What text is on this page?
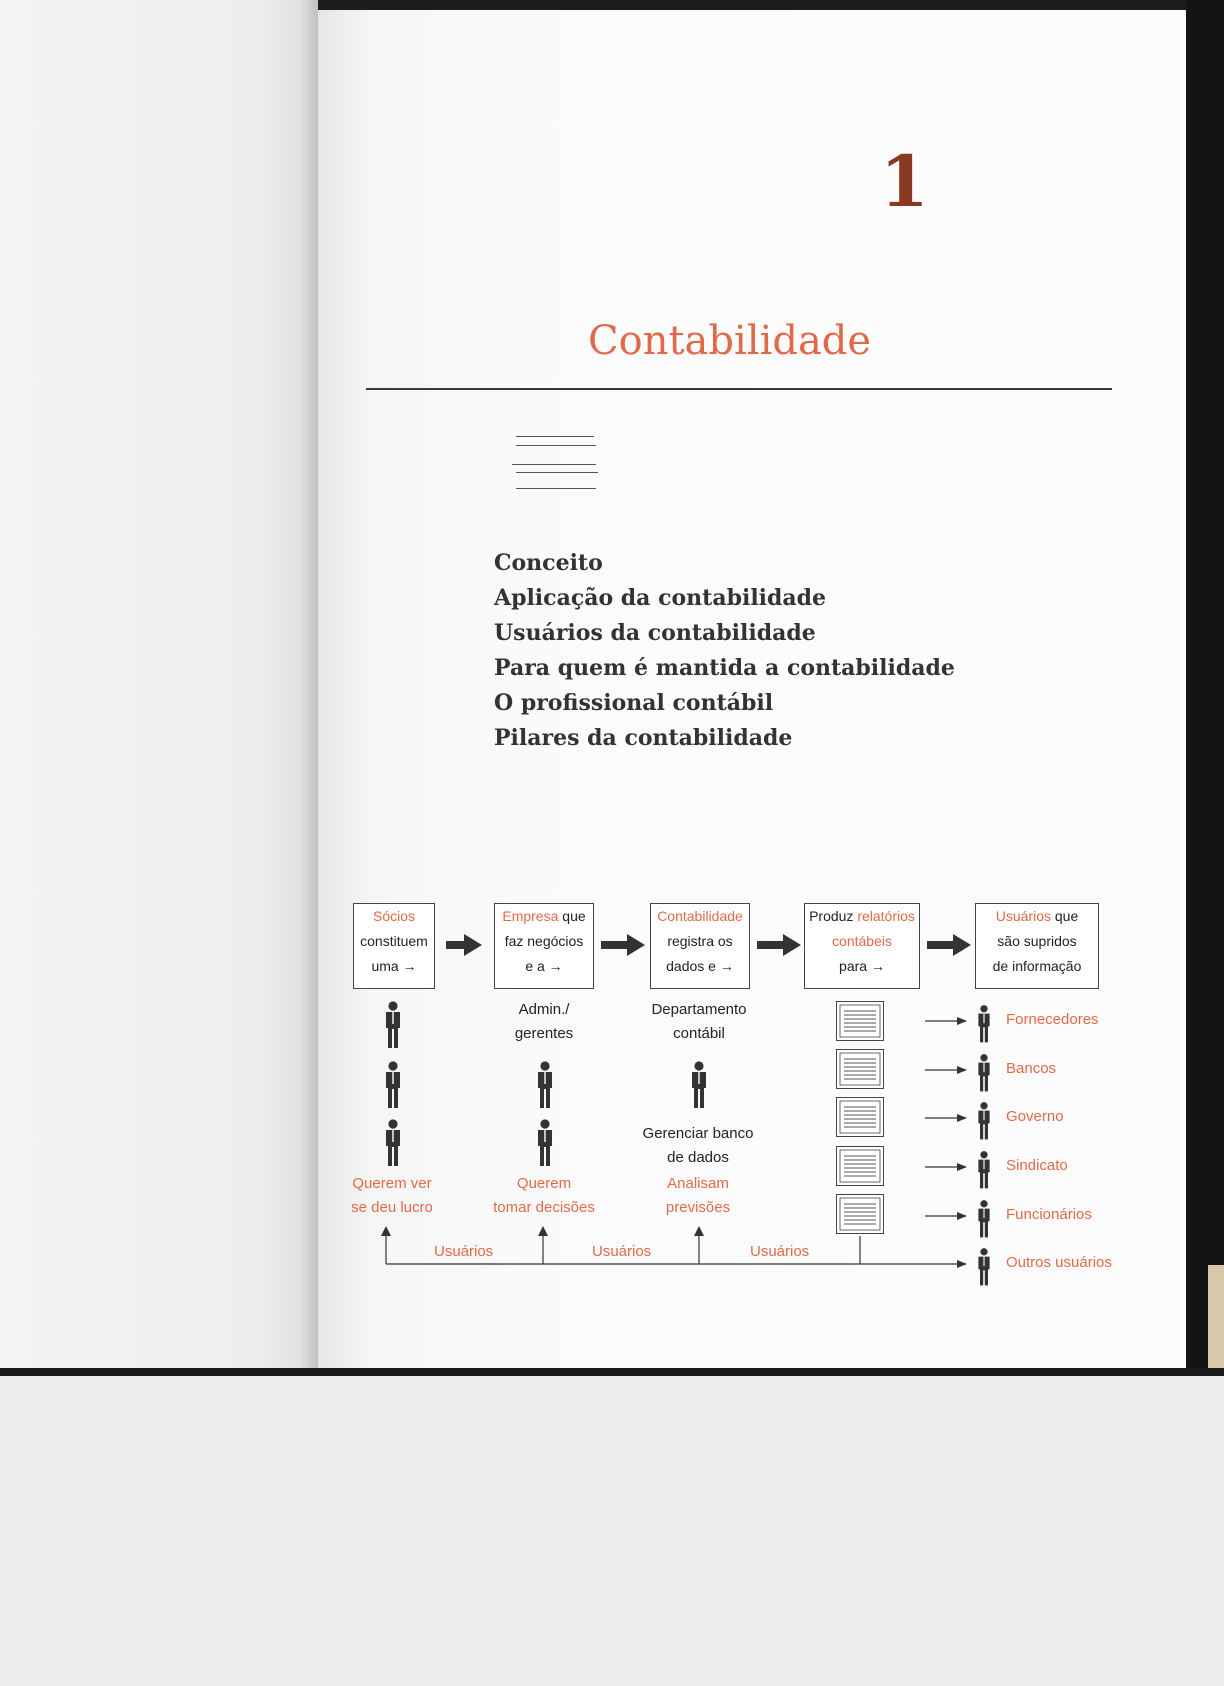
1
Contabilidade
Conceito
Aplicação da contabilidade
Usuários da contabilidade
Para quem é mantida a contabilidade
O profissional contábil
Pilares da contabilidade
Sócios
constituem
uma →
Empresa que
faz negócios
e a →
Contabilidade
registra os
dados e →
Produz relatórios
contábeis
para →
Usuários que
são supridos
de informação
Admin./
gerentes
Departamento
contábil
Gerenciar banco
de dados
Analisam
previsões
Querem ver
se deu lucro
Querem
tomar decisões
Usuários	Usuários	Usuários
Fornecedores
Bancos
Governo
Sindicato
Funcionários
Outros usuários
